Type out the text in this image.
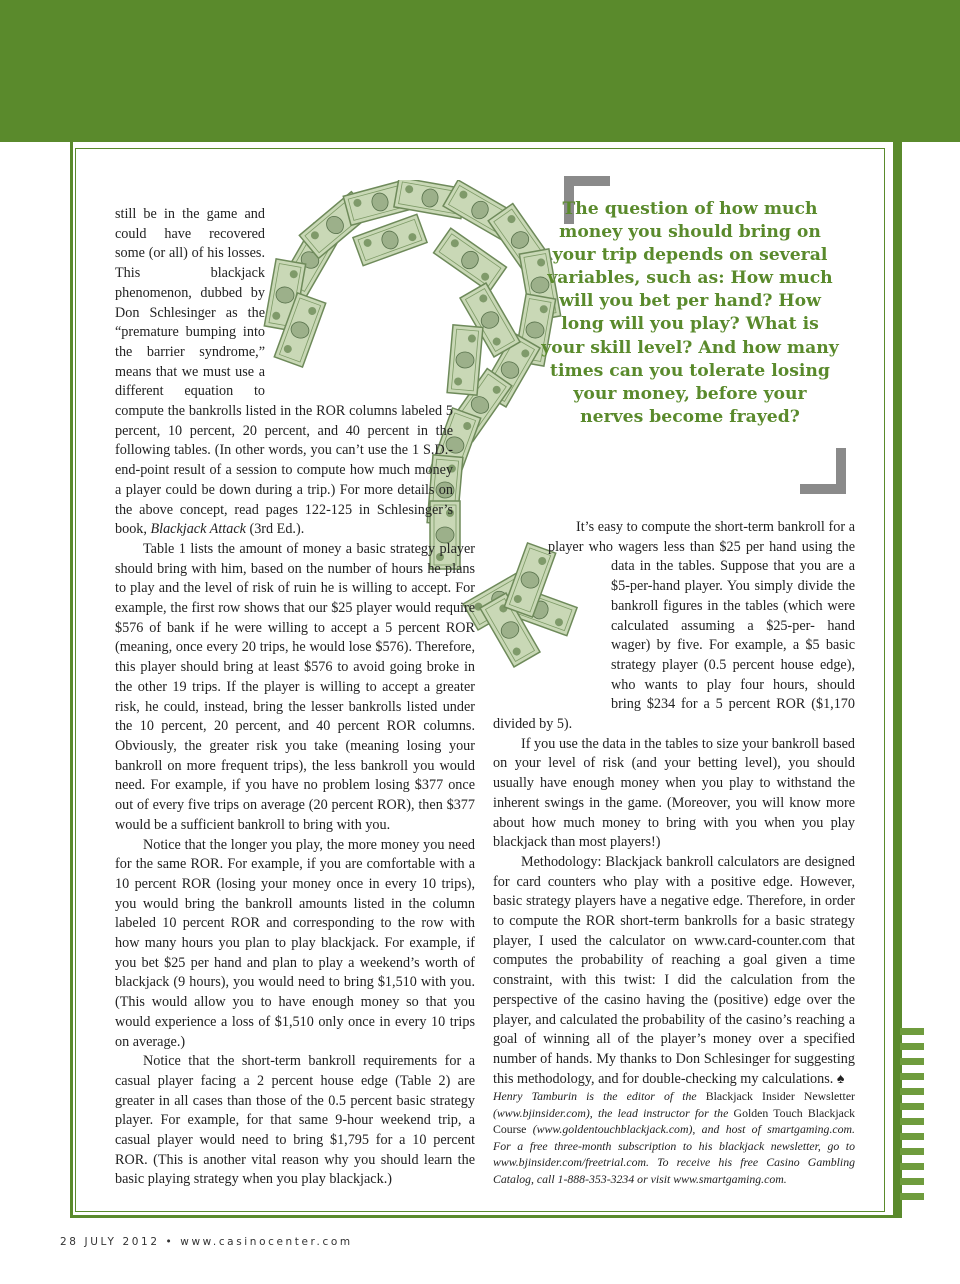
The question of how much money you should bring on your trip depends on several variables, such as: How much will you bet per hand? How long will you play? What is your skill level? And how many times can you tolerate losing your money, before your nerves become frayed?

still be in the game and could have recovered some (or all) of his losses. This blackjack phenomenon, dubbed by Don Schlesinger as the “premature bumping into the barrier syndrome,” means that we must use a different equation to compute the bankrolls listed in the ROR columns labeled 5 percent, 10 percent, 20 percent, and 40 percent in the following tables. (In other words, you can’t use the 1 S.D.-end-point result of a session to compute how much money a player could be down during a trip.) For more details on the above concept, read pages 122-125 in Schlesinger’s book, Blackjack Attack (3rd Ed.).

Table 1 lists the amount of money a basic strategy player should bring with him, based on the number of hours he plans to play and the level of risk of ruin he is willing to accept. For example, the first row shows that our $25 player would require $576 of bank if he were willing to accept a 5 percent ROR (meaning, once every 20 trips, he would lose $576). Therefore, this player should bring at least $576 to avoid going broke in the other 19 trips. If the player is willing to accept a greater risk, he could, instead, bring the lesser bankrolls listed under the 10 percent, 20 percent, and 40 percent ROR columns. Obviously, the greater risk you take (meaning losing your bankroll on more frequent trips), the less bankroll you would need. For example, if you have no problem losing $377 once out of every five trips on average (20 percent ROR), then $377 would be a sufficient bankroll to bring with you.

Notice that the longer you play, the more money you need for the same ROR. For example, if you are comfortable with a 10 percent ROR (losing your money once in every 10 trips), you would bring the bankroll amounts listed in the column labeled 10 percent ROR and corresponding to the row with how many hours you plan to play blackjack. For example, if you bet $25 per hand and plan to play a weekend’s worth of blackjack (9 hours), you would need to bring $1,510 with you. (This would allow you to have enough money so that you would experience a loss of $1,510 only once in every 10 trips on average.)

Notice that the short-term bankroll requirements for a casual player facing a 2 percent house edge (Table 2) are greater in all cases than those of the 0.5 percent basic strategy player. For example, for that same 9-hour weekend trip, a casual player would need to bring $1,795 for a 10 percent ROR. (This is another vital reason why you should learn the basic playing strategy when you play blackjack.)

It’s easy to compute the short-term bankroll for a player who wagers less than $25 per hand using the data in the tables. Suppose that you are a $5-per-hand player. You simply divide the bankroll figures in the tables (which were calculated assuming a $25-per- hand wager) by five. For example, a $5 basic strategy player (0.5 percent house edge), who wants to play four hours, should bring $234 for a 5 percent ROR ($1,170 divided by 5).

If you use the data in the tables to size your bankroll based on your level of risk (and your betting level), you should usually have enough money when you play to withstand the inherent swings in the game. (Moreover, you will know more about how much money to bring with you when you play blackjack than most players!)

Methodology: Blackjack bankroll calculators are designed for card counters who play with a positive edge. However, basic strategy players have a negative edge. Therefore, in order to compute the ROR short-term bankrolls for a basic strategy player, I used the calculator on www.card-counter.com that computes the probability of reaching a goal given a time constraint, with this twist: I did the calculation from the perspective of the casino having the (positive) edge over the player, and calculated the probability of the casino’s reaching a goal of winning all of the player’s money over a specified number of hands. My thanks to Don Schlesinger for suggesting this methodology, and for double-checking my calculations. ♠

Henry Tamburin is the editor of the Blackjack Insider Newsletter (www.bjinsider.com), the lead instructor for the Golden Touch Blackjack Course (www.goldentouchblackjack.com), and host of smartgaming.com. For a free three-month subscription to his blackjack newsletter, go to www.bjinsider.com/freetrial.com. To receive his free Casino Gambling Catalog, call 1-888-353-3234 or visit www.smartgaming.com.
28 JULY 2012 • www.casinocenter.com
